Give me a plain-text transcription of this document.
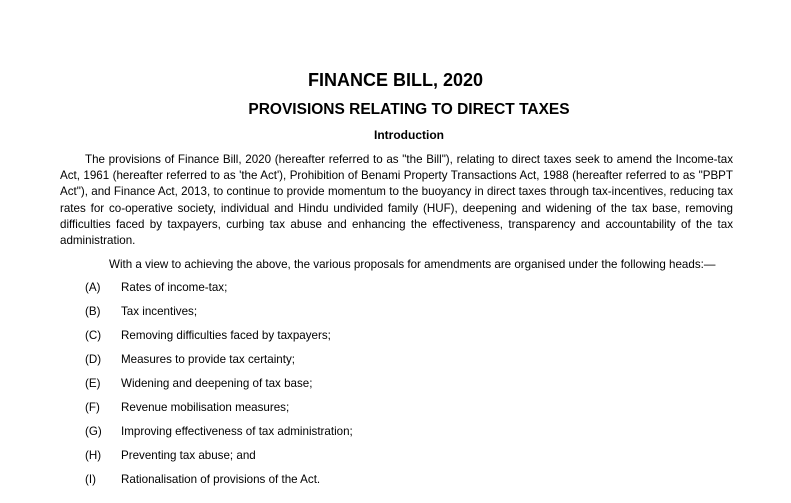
FINANCE BILL, 2020
PROVISIONS RELATING TO DIRECT TAXES
Introduction

The provisions of Finance Bill, 2020 (hereafter referred to as "the Bill"), relating to direct taxes seek to amend the Income-tax Act, 1961 (hereafter referred to as 'the Act'), Prohibition of Benami Property Transactions Act, 1988 (hereafter referred to as "PBPT Act"), and Finance Act, 2013, to continue to provide momentum to the buoyancy in direct taxes through tax-incentives, reducing tax rates for co-operative society, individual and Hindu undivided family (HUF), deepening and widening of the tax base, removing difficulties faced by taxpayers, curbing tax abuse and enhancing the effectiveness, transparency and accountability of the tax administration.

With a view to achieving the above, the various proposals for amendments are organised under the following heads:—

(A)	Rates of income-tax;
(B)	Tax incentives;
(C)	Removing difficulties faced by taxpayers;
(D)	Measures to provide tax certainty;
(E)	Widening and deepening of tax base;
(F)	Revenue mobilisation measures;
(G)	Improving effectiveness of tax administration;
(H)	Preventing tax abuse; and
(I)	Rationalisation of provisions of the Act.
